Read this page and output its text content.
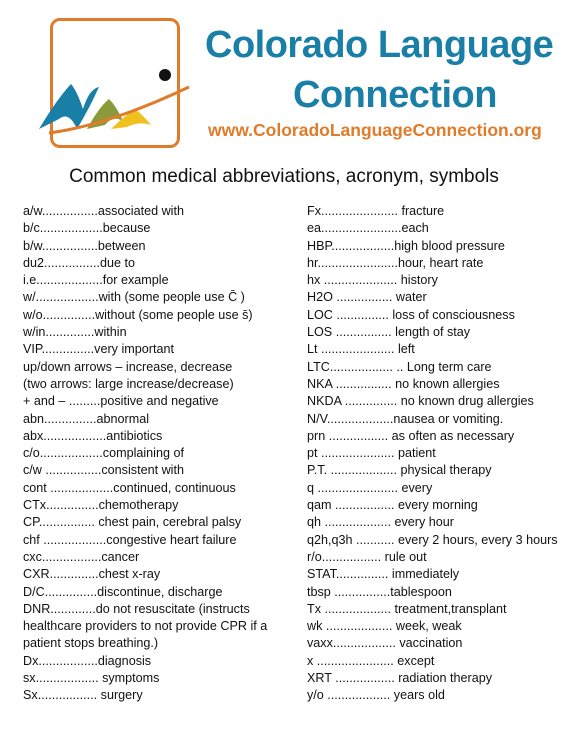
Colorado Language
Connection
www.ColoradoLanguageConnection.org
Common medical abbreviations, acronym, symbols
a/w................associated with
b/c..................because
b/w................between
du2................due to
i.e...................for example
w/..................with (some people use C̄ )
w/o...............without (some people use s̄)
w/in..............within
VIP...............very important
up/down arrows – increase, decrease
(two arrows: large increase/decrease)
+ and – .........positive and negative
abn...............abnormal
abx..................antibiotics
c/o..................complaining of
c/w ................consistent with
cont ..................continued, continuous
CTx...............chemotherapy
CP................ chest pain, cerebral palsy
chf ..................congestive heart failure
cxc.................cancer
CXR..............chest x-ray
D/C...............discontinue, discharge
DNR.............do not resuscitate (instructs healthcare providers to not provide CPR if a patient stops breathing.)
Dx.................diagnosis
sx.................. symptoms
Sx................. surgery
Fx...................... fracture
ea.......................each
HBP..................high blood pressure
hr.......................hour, heart rate
hx ..................... history
H2O ................ water
LOC ............... loss of consciousness
LOS ................ length of stay
Lt ..................... left
LTC.................. .. Long term care
NKA ................ no known allergies
NKDA ............... no known drug allergies
N/V...................nausea or vomiting.
prn ................. as often as necessary
pt ..................... patient
P.T. ................... physical therapy
q ....................... every
qam ................. every morning
qh ................... every hour
q2h,q3h ........... every 2 hours, every 3 hours
r/o................. rule out
STAT............... immediately
tbsp ................tablespoon
Tx ................... treatment,transplant
wk ................... week, weak
vaxx.................. vaccination
x ...................... except
XRT ................. radiation therapy
y/o .................. years old
